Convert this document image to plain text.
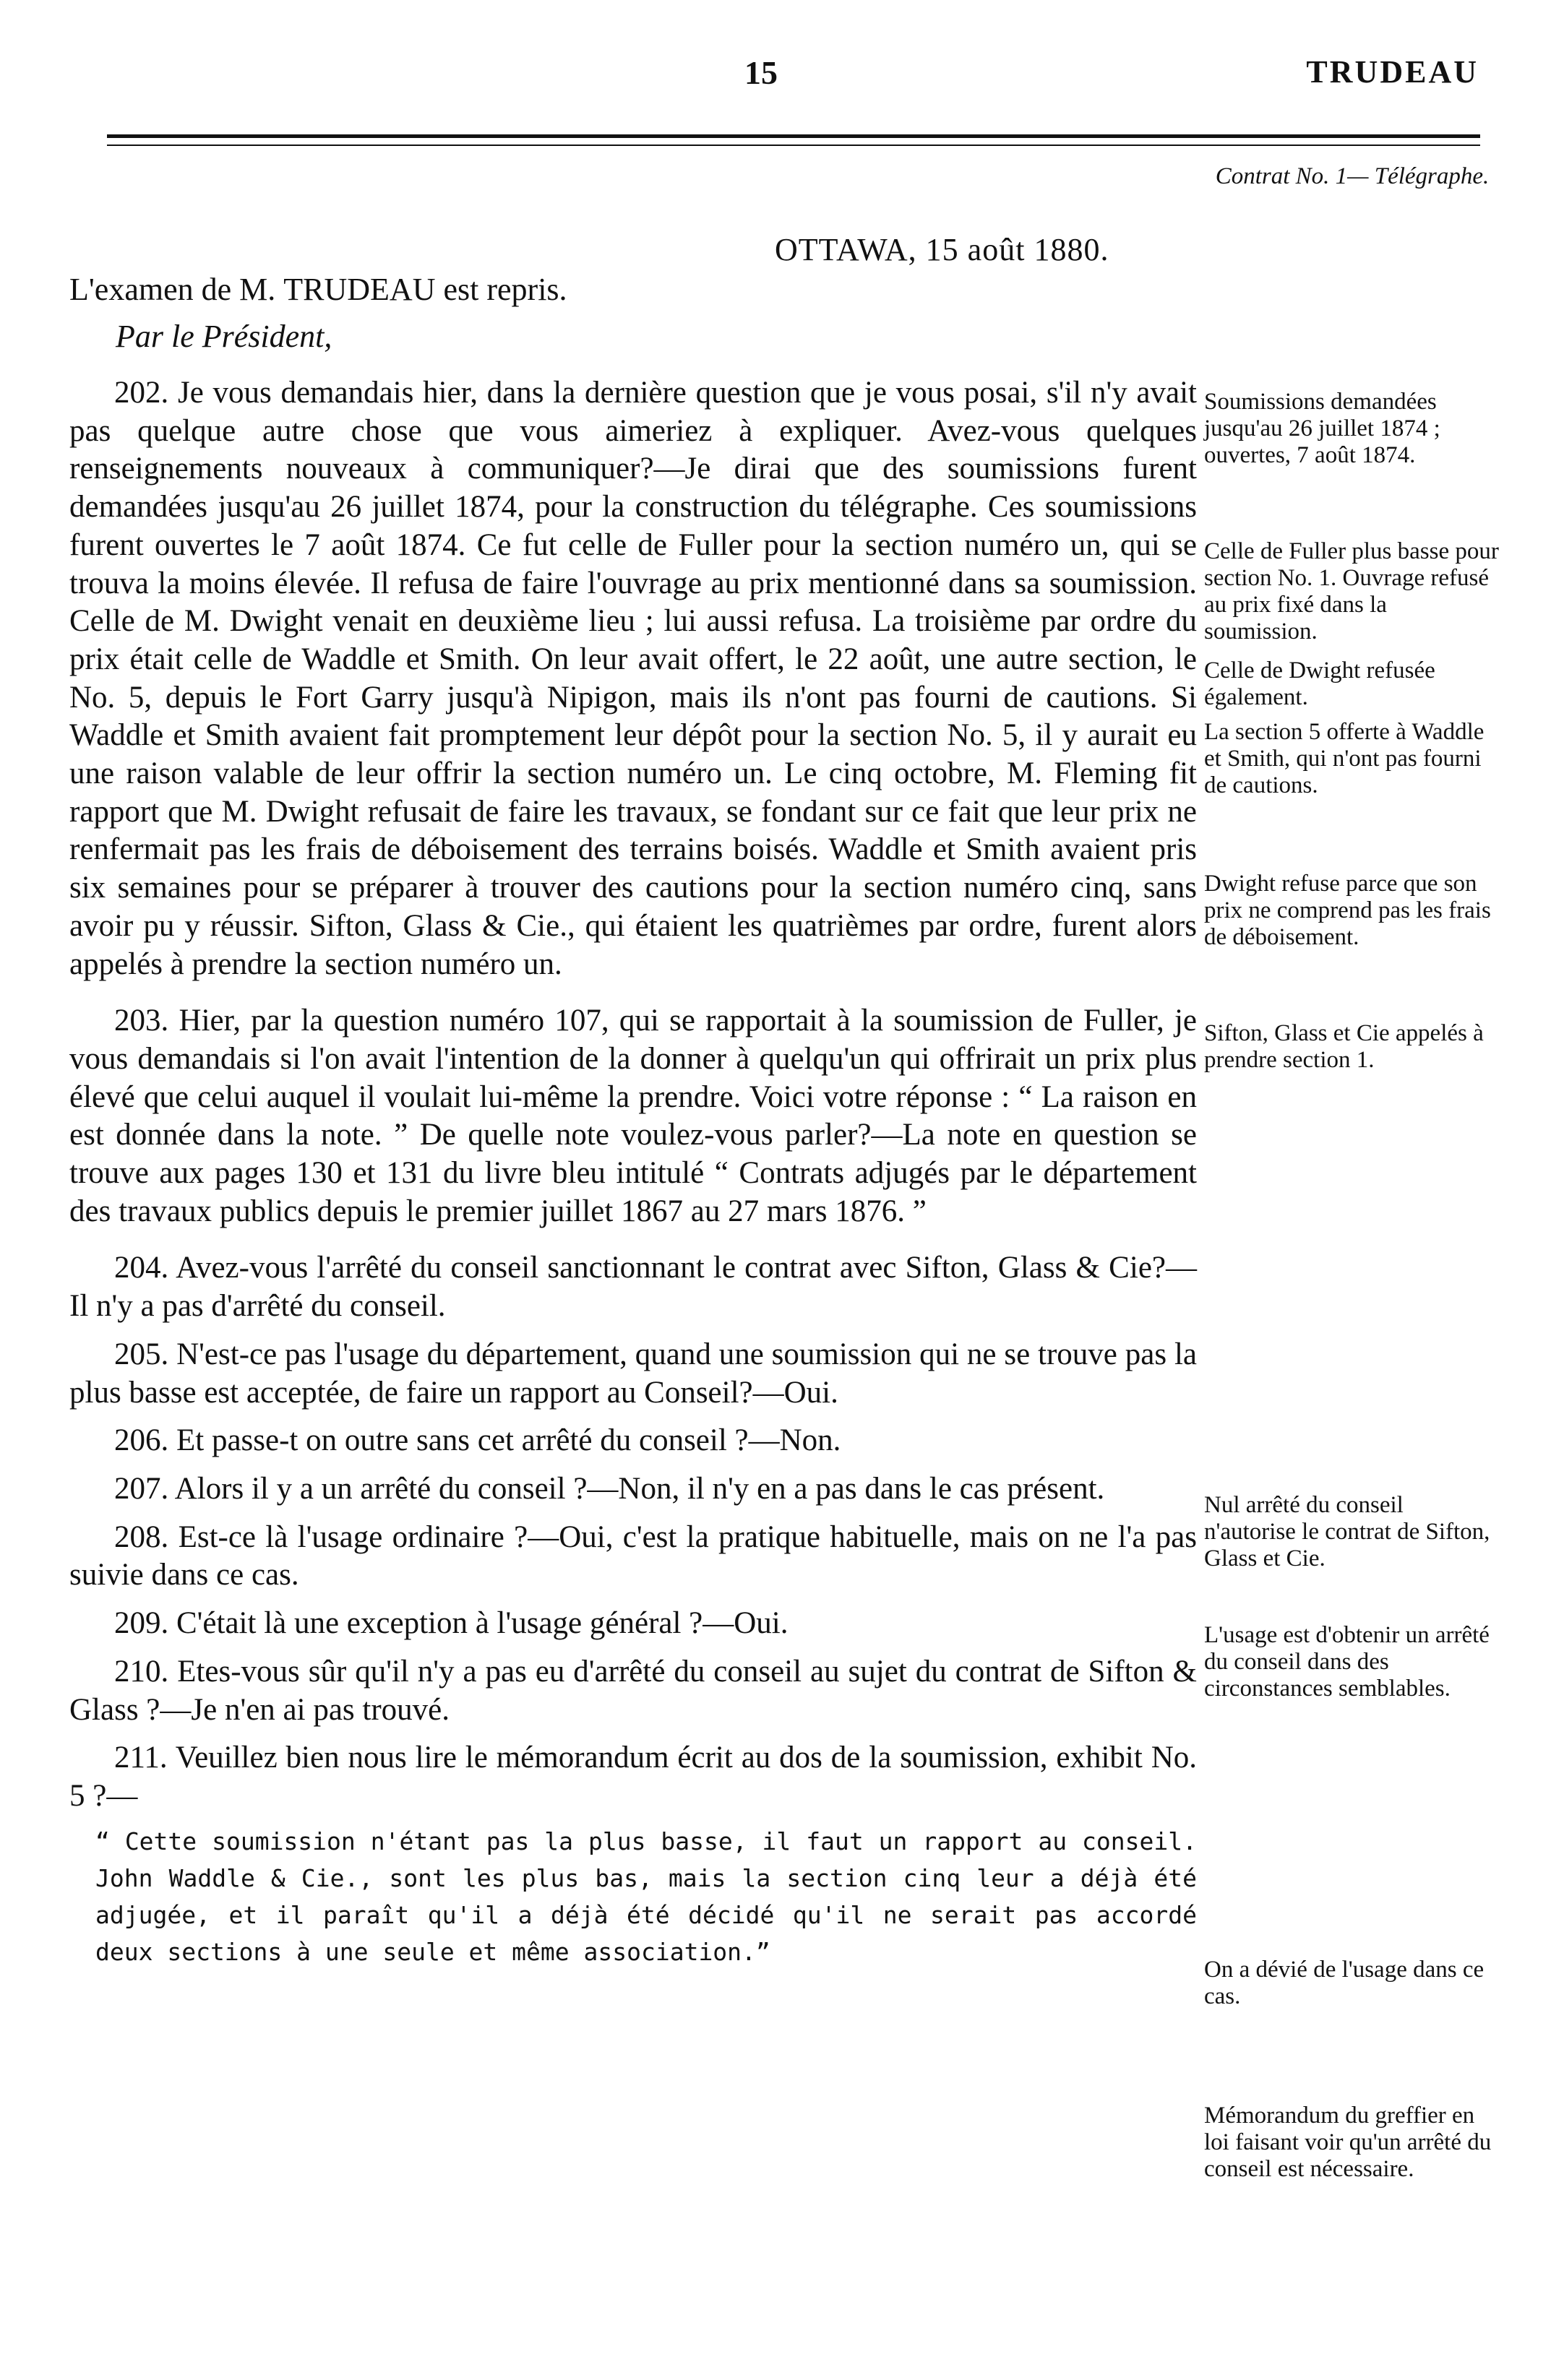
15	TRUDEAU
Contrat No. 1— Télégraphe.
OTTAWA, 15 août 1880.
L'examen de M. TRUDEAU est repris.
Par le Président,

202. Je vous demandais hier, dans la dernière question que je vous posai, s'il n'y avait pas quelque autre chose que vous aimeriez à expliquer. Avez-vous quelques renseignements nouveaux à communiquer?—Je dirai que des soumissions furent demandées jusqu'au 26 juillet 1874, pour la construction du télégraphe. Ces soumissions furent ouvertes le 7 août 1874. Ce fut celle de Fuller pour la section numéro un, qui se trouva la moins élevée. Il refusa de faire l'ouvrage au prix mentionné dans sa soumission. Celle de M. Dwight venait en deuxième lieu ; lui aussi refusa. La troisième par ordre du prix était celle de Waddle et Smith. On leur avait offert, le 22 août, une autre section, le No. 5, depuis le Fort Garry jusqu'à Nipigon, mais ils n'ont pas fourni de cautions. Si Waddle et Smith avaient fait promptement leur dépôt pour la section No. 5, il y aurait eu une raison valable de leur offrir la section numéro un. Le cinq octobre, M. Fleming fit rapport que M. Dwight refusait de faire les travaux, se fondant sur ce fait que leur prix ne renfermait pas les frais de déboisement des terrains boisés. Waddle et Smith avaient pris six semaines pour se préparer à trouver des cautions pour la section numéro cinq, sans avoir pu y réussir. Sifton, Glass & Cie., qui étaient les quatrièmes par ordre, furent alors appelés à prendre la section numéro un.

203. Hier, par la question numéro 107, qui se rapportait à la soumission de Fuller, je vous demandais si l'on avait l'intention de la donner à quelqu'un qui offrirait un prix plus élevé que celui auquel il voulait lui-même la prendre. Voici votre réponse : “ La raison en est donnée dans la note. ” De quelle note voulez-vous parler?—La note en question se trouve aux pages 130 et 131 du livre bleu intitulé “ Contrats adjugés par le département des travaux publics depuis le premier juillet 1867 au 27 mars 1876. ”

204. Avez-vous l'arrêté du conseil sanctionnant le contrat avec Sifton, Glass & Cie?—Il n'y a pas d'arrêté du conseil.

205. N'est-ce pas l'usage du département, quand une soumission qui ne se trouve pas la plus basse est acceptée, de faire un rapport au Conseil?—Oui.

206. Et passe-t on outre sans cet arrêté du conseil ?—Non.

207. Alors il y a un arrêté du conseil ?—Non, il n'y en a pas dans le cas présent.

208. Est-ce là l'usage ordinaire ?—Oui, c'est la pratique habituelle, mais on ne l'a pas suivie dans ce cas.

209. C'était là une exception à l'usage général ?—Oui.

210. Etes-vous sûr qu'il n'y a pas eu d'arrêté du conseil au sujet du contrat de Sifton & Glass ?—Je n'en ai pas trouvé.

211. Veuillez bien nous lire le mémorandum écrit au dos de la soumission, exhibit No. 5 ?—

“ Cette soumission n'étant pas la plus basse, il faut un rapport au conseil. John Waddle & Cie., sont les plus bas, mais la section cinq leur a déjà été adjugée, et il paraît qu'il a déjà été décidé qu'il ne serait pas accordé deux sections à une seule et même association.”

Soumissions demandées jusqu'au 26 juillet 1874 ; ouvertes, 7 août 1874.
Celle de Fuller plus basse pour section No. 1. Ouvrage refusé au prix fixé dans la soumission.
Celle de Dwight refusée également.
La section 5 offerte à Waddle et Smith, qui n'ont pas fourni de cautions.
Dwight refuse parce que son prix ne comprend pas les frais de déboisement.
Sifton, Glass et Cie appelés à prendre section 1.
Nul arrêté du conseil n'autorise le contrat de Sifton, Glass et Cie.
L'usage est d'obtenir un arrêté du conseil dans des circonstances semblables.
On a dévié de l'usage dans ce cas.
Mémorandum du greffier en loi faisant voir qu'un arrêté du conseil est nécessaire.
